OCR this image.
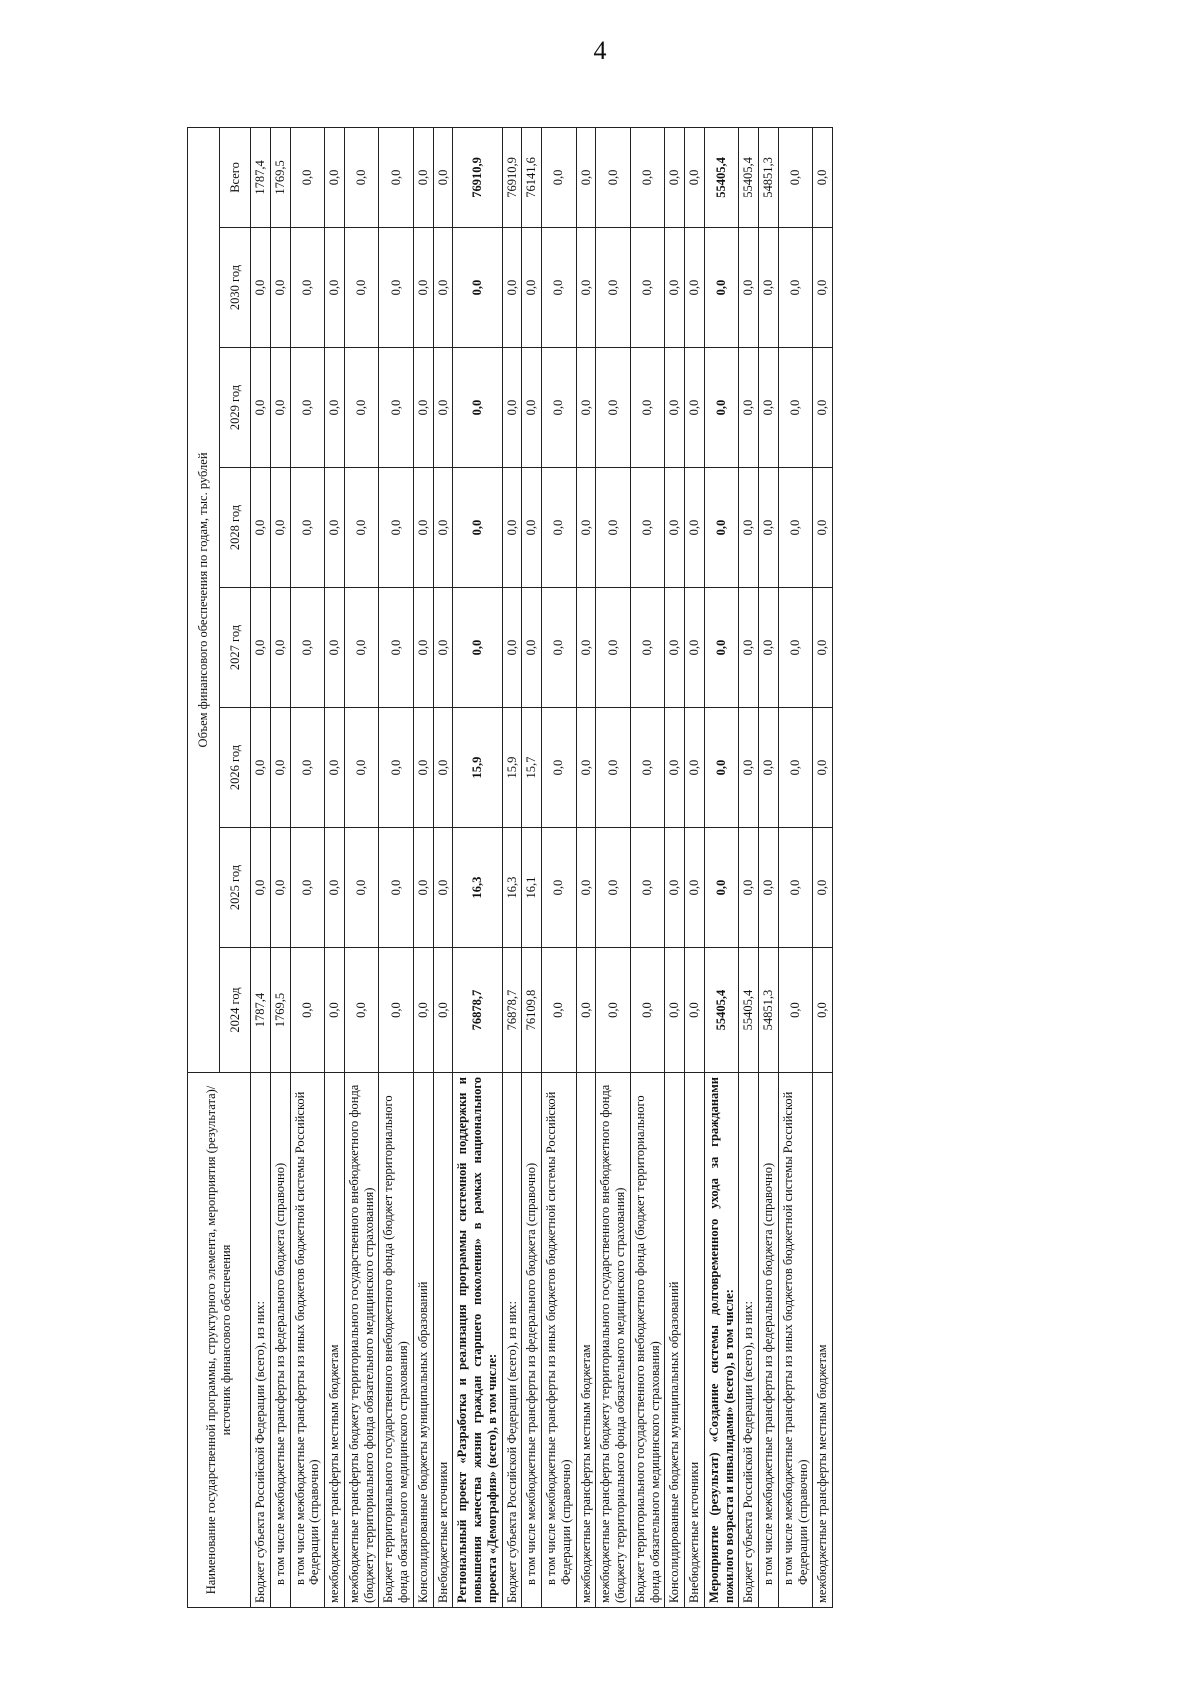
4
Наименование государственной программы, структурного элемента, мероприятия (результата)/источник финансового обеспечения	Объем финансового обеспечения по годам, тыс. рублей							
	2024 год	2025 год	2026 год	2027 год	2028 год	2029 год	2030 год	Всего
Бюджет субъекта Российской Федерации (всего), из них:	1787,4	0,0	0,0	0,0	0,0	0,0	0,0	1787,4
в том числе межбюджетные трансферты из федерального бюджета (справочно)	1769,5	0,0	0,0	0,0	0,0	0,0	0,0	1769,5
в том числе межбюджетные трансферты из иных бюджетов бюджетной системы Российской Федерации (справочно)	0,0	0,0	0,0	0,0	0,0	0,0	0,0	0,0
межбюджетные трансферты местным бюджетам	0,0	0,0	0,0	0,0	0,0	0,0	0,0	0,0
межбюджетные трансферты бюджету территориального государственного внебюджетного фонда (бюджету территориального фонда обязательного медицинского страхования)	0,0	0,0	0,0	0,0	0,0	0,0	0,0	0,0
Бюджет территориального государственного внебюджетного фонда (бюджет территориального фонда обязательного медицинского страхования)	0,0	0,0	0,0	0,0	0,0	0,0	0,0	0,0
Консолидированные бюджеты муниципальных образований	0,0	0,0	0,0	0,0	0,0	0,0	0,0	0,0
Внебюджетные источники	0,0	0,0	0,0	0,0	0,0	0,0	0,0	0,0
Региональный проект «Разработка и реализация программы системной поддержки и повышения качества жизни граждан старшего поколения» в рамках национального проекта «Демография» (всего), в том числе:	76878,7	16,3	15,9	0,0	0,0	0,0	0,0	76910,9
Бюджет субъекта Российской Федерации (всего), из них:	76878,7	16,3	15,9	0,0	0,0	0,0	0,0	76910,9
в том числе межбюджетные трансферты из федерального бюджета (справочно)	76109,8	16,1	15,7	0,0	0,0	0,0	0,0	76141,6
в том числе межбюджетные трансферты из иных бюджетов бюджетной системы Российской Федерации (справочно)	0,0	0,0	0,0	0,0	0,0	0,0	0,0	0,0
межбюджетные трансферты местным бюджетам	0,0	0,0	0,0	0,0	0,0	0,0	0,0	0,0
межбюджетные трансферты бюджету территориального государственного внебюджетного фонда (бюджету территориального фонда обязательного медицинского страхования)	0,0	0,0	0,0	0,0	0,0	0,0	0,0	0,0
Бюджет территориального государственного внебюджетного фонда (бюджет территориального фонда обязательного медицинского страхования)	0,0	0,0	0,0	0,0	0,0	0,0	0,0	0,0
Консолидированные бюджеты муниципальных образований	0,0	0,0	0,0	0,0	0,0	0,0	0,0	0,0
Внебюджетные источники	0,0	0,0	0,0	0,0	0,0	0,0	0,0	0,0
Мероприятие (результат) «Создание системы долговременного ухода за гражданами пожилого возраста и инвалидами» (всего), в том числе:	55405,4	0,0	0,0	0,0	0,0	0,0	0,0	55405,4
Бюджет субъекта Российской Федерации (всего), из них:	55405,4	0,0	0,0	0,0	0,0	0,0	0,0	55405,4
в том числе межбюджетные трансферты из федерального бюджета (справочно)	54851,3	0,0	0,0	0,0	0,0	0,0	0,0	54851,3
в том числе межбюджетные трансферты из иных бюджетов бюджетной системы Российской Федерации (справочно)	0,0	0,0	0,0	0,0	0,0	0,0	0,0	0,0
межбюджетные трансферты местным бюджетам	0,0	0,0	0,0	0,0	0,0	0,0	0,0	0,0
